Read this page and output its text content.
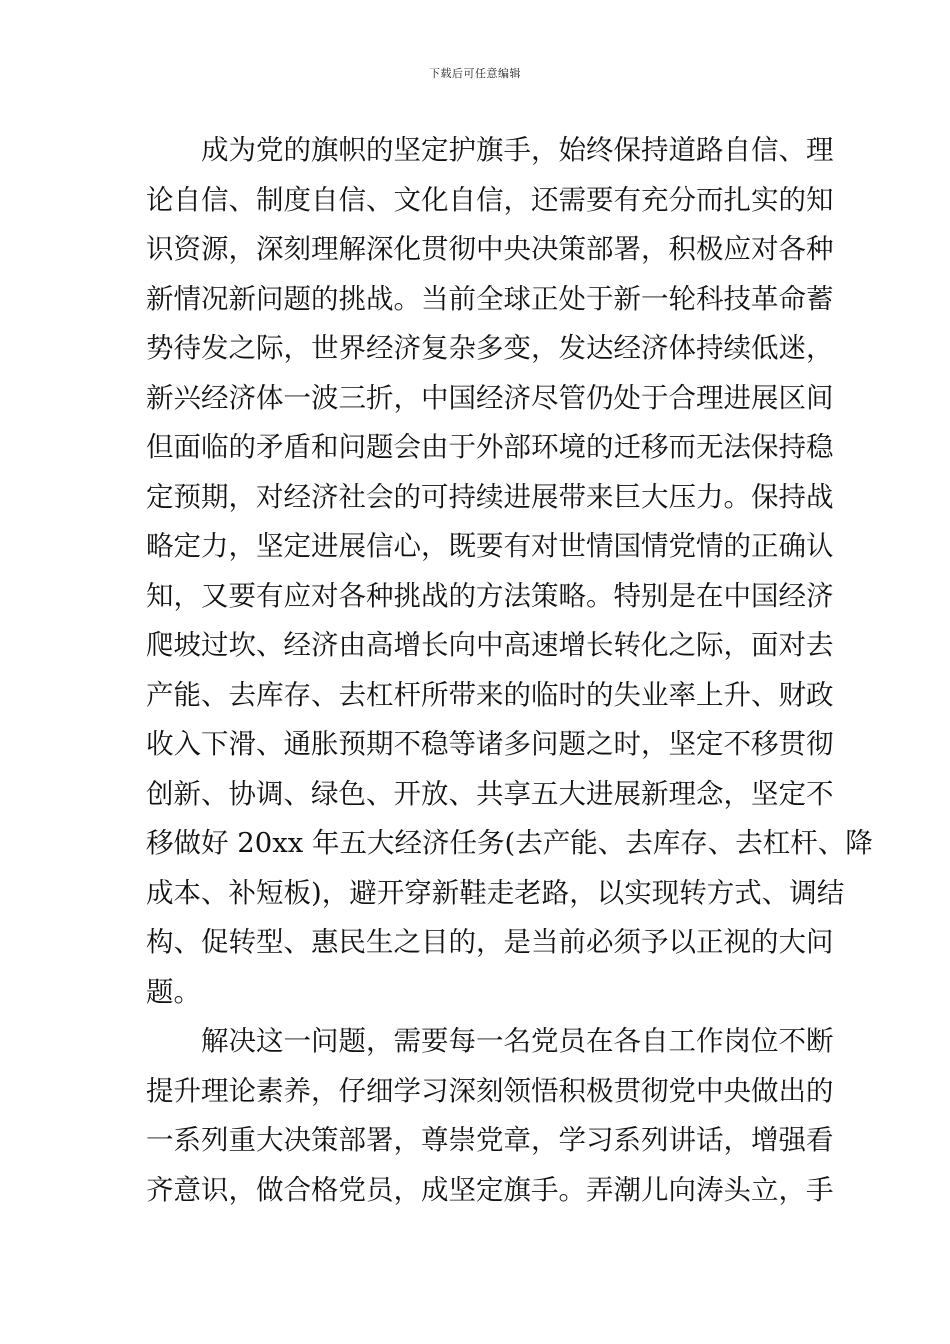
下载后可任意编辑

　　成为党的旗帜的坚定护旗手，始终保持道路自信、理
论自信、制度自信、文化自信，还需要有充分而扎实的知
识资源，深刻理解深化贯彻中央决策部署，积极应对各种
新情况新问题的挑战。当前全球正处于新一轮科技革命蓄
势待发之际，世界经济复杂多变，发达经济体持续低迷，
新兴经济体一波三折，中国经济尽管仍处于合理进展区间
但面临的矛盾和问题会由于外部环境的迁移而无法保持稳
定预期，对经济社会的可持续进展带来巨大压力。保持战
略定力，坚定进展信心，既要有对世情国情党情的正确认
知，又要有应对各种挑战的方法策略。特别是在中国经济
爬坡过坎、经济由高增长向中高速增长转化之际，面对去
产能、去库存、去杠杆所带来的临时的失业率上升、财政
收入下滑、通胀预期不稳等诸多问题之时，坚定不移贯彻
创新、协调、绿色、开放、共享五大进展新理念，坚定不
移做好 20xx 年五大经济任务(去产能、去库存、去杠杆、降
成本、补短板)，避开穿新鞋走老路，以实现转方式、调结
构、促转型、惠民生之目的，是当前必须予以正视的大问
题。

　　解决这一问题，需要每一名党员在各自工作岗位不断
提升理论素养，仔细学习深刻领悟积极贯彻党中央做出的
一系列重大决策部署，尊崇党章，学习系列讲话，增强看
齐意识，做合格党员，成坚定旗手。弄潮儿向涛头立，手
